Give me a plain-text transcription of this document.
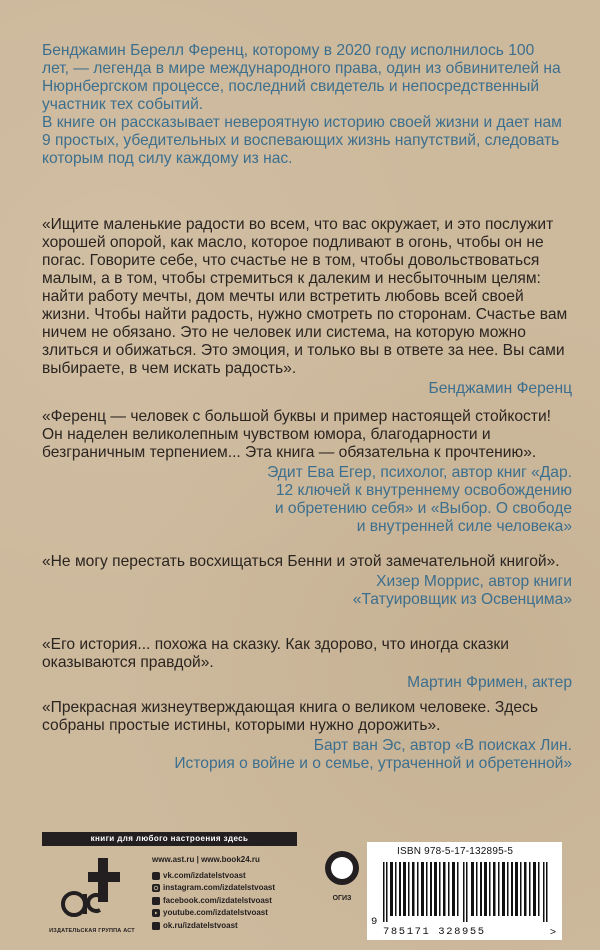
Бенджамин Берелл Ференц, которому в 2020 году исполнилось 100 лет, — легенда в мире международного права, один из обвинителей на Нюрнбергском процессе, последний свидетель и непосредственный участник тех событий.

В книге он рассказывает невероятную историю своей жизни и дает нам 9 простых, убедительных и воспевающих жизнь напутствий, следовать которым под силу каждому из нас.

«Ищите маленькие радости во всем, что вас окружает, и это послужит хорошей опорой, как масло, которое подливают в огонь, чтобы он не погас. Говорите себе, что счастье не в том, чтобы довольствоваться малым, а в том, чтобы стремиться к далеким и несбыточным целям: найти работу мечты, дом мечты или встретить любовь всей своей жизни. Чтобы найти радость, нужно смотреть по сторонам. Счастье вам ничем не обязано. Это не человек или система, на которую можно злиться и обижаться. Это эмоция, и только вы в ответе за нее. Вы сами выбираете, в чем искать радость».

Бенджамин Ференц

«Ференц — человек с большой буквы и пример настоящей стойкости! Он наделен великолепным чувством юмора, благодарности и безграничным терпением... Эта книга — обязательна к прочтению».

Эдит Ева Егер, психолог, автор книг «Дар.
12 ключей к внутреннему освобождению
и обретению себя» и «Выбор. О свободе
и внутренней силе человека»

«Не могу перестать восхищаться Бенни и этой замечательной книгой».

Хизер Моррис, автор книги
«Татуировщик из Освенцима»

«Его история... похожа на сказку. Как здорово, что иногда сказки оказываются правдой».

Мартин Фримен, актер

«Прекрасная жизнеутверждающая книга о великом человеке. Здесь собраны простые истины, которыми нужно дорожить».

Барт ван Эс, автор «В поисках Лин.
История о войне и о семье, утраченной и обретенной»
книги для любого настроения здесь
ИЗДАТЕЛЬСКАЯ ГРУППА АСТ
www.ast.ru | www.book24.ru
vk.com/izdatelstvoast
instagram.com/izdatelstvoast
facebook.com/izdatelstvoast
youtube.com/izdatelstvoast
ok.ru/izdatelstvoast
ОГИЗ
ISBN 978-5-17-132895-5
9
785171 328955	>
